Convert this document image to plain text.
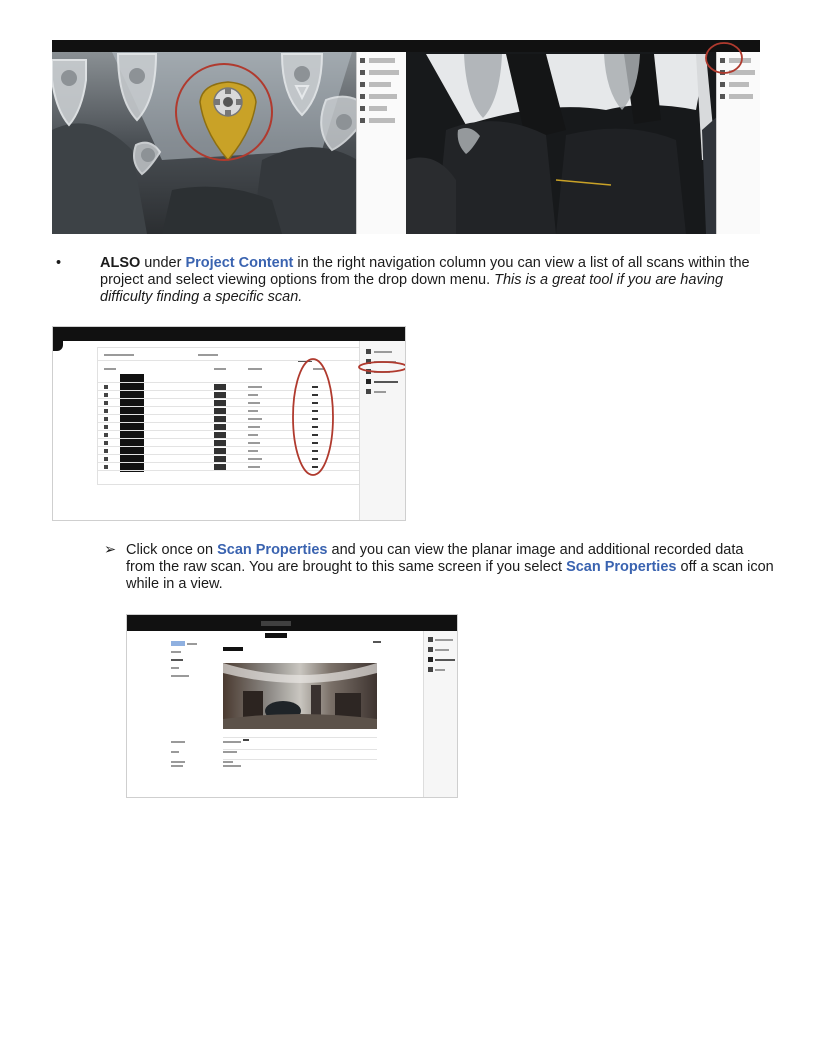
•	ALSO under Project Content in the right navigation column you can view a list of all scans within the project and select viewing options from the drop down menu. This is a great tool if you are having difficulty finding a specific scan.
➢ Click once on Scan Properties and you can view the planar image and additional recorded data from the raw scan. You are brought to this same screen if you select Scan Properties off a scan icon while in a view.
